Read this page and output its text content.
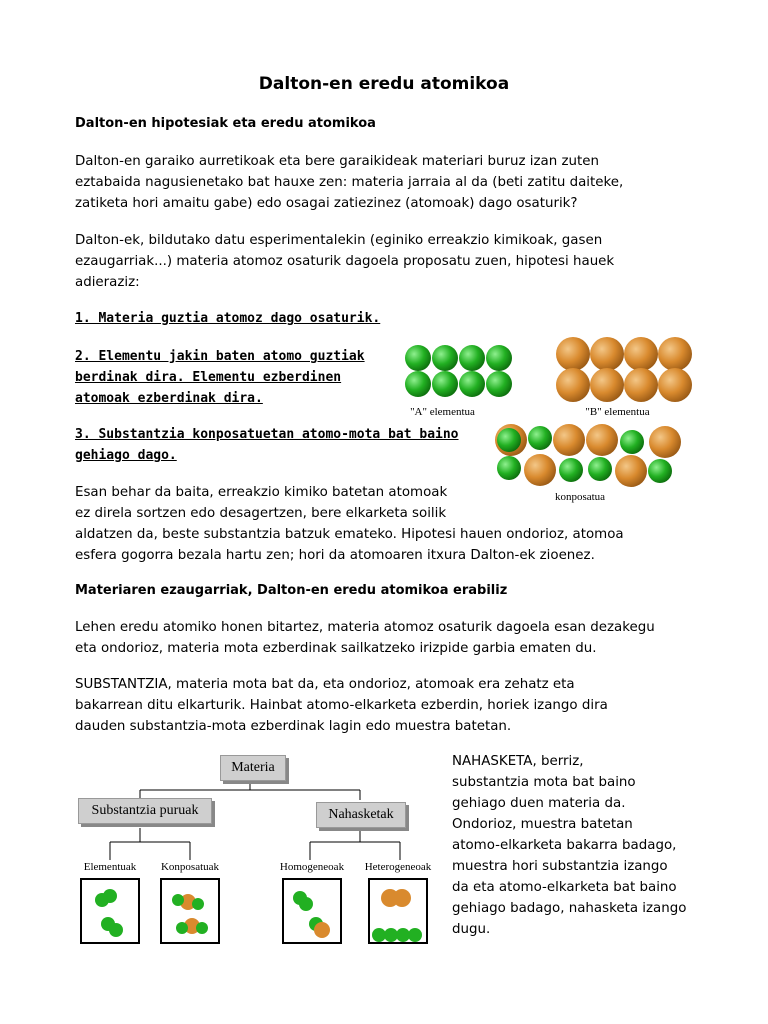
Dalton-en eredu atomikoa
Dalton-en hipotesiak eta eredu atomikoa
Dalton-en garaiko aurretikoak eta bere garaikideak materiari buruz izan zuten
eztabaida nagusienetako bat hauxe zen: materia jarraia al da (beti zatitu daiteke,
zatiketa hori amaitu gabe) edo osagai zatiezinez (atomoak) dago osaturik?
Dalton-ek, bildutako datu esperimentalekin (eginiko erreakzio kimikoak, gasen
ezaugarriak...) materia atomoz osaturik dagoela proposatu zuen, hipotesi hauek
adieraziz:
1. Materia guztia atomoz dago osaturik.
2. Elementu jakin baten atomo guztiak
berdinak dira. Elementu ezberdinen
atomoak ezberdinak dira.
3. Substantzia konposatuetan atomo-mota bat baino
gehiago dago.
Esan behar da baita, erreakzio kimiko batetan atomoak
ez direla sortzen edo desagertzen, bere elkarketa soilik
aldatzen da, beste substantzia batzuk emateko. Hipotesi hauen ondorioz, atomoa
esfera gogorra bezala hartu zen; hori da atomoaren itxura Dalton-ek zioenez.
"A" elementua	"B" elementua
konposatua
Materiaren ezaugarriak, Dalton-en eredu atomikoa erabiliz
Lehen eredu atomiko honen bitartez, materia atomoz osaturik dagoela esan dezakegu
eta ondorioz, materia mota ezberdinak sailkatzeko irizpide garbia ematen du.
SUBSTANTZIA, materia mota bat da, eta ondorioz, atomoak era zehatz eta
bakarrean ditu elkarturik. Hainbat atomo-elkarketa ezberdin, horiek izango dira
dauden substantzia-mota ezberdinak lagin edo muestra batetan.
NAHASKETA, berriz,
substantzia mota bat baino
gehiago duen materia da.
Ondorioz, muestra batetan
atomo-elkarketa bakarra badago,
muestra hori substantzia izango
da eta atomo-elkarketa bat baino
gehiago badago, nahasketa izango
dugu.
Materia
Substantzia puruak	Nahasketak
Elementuak	Konposatuak	Homogeneoak	Heterogeneoak
